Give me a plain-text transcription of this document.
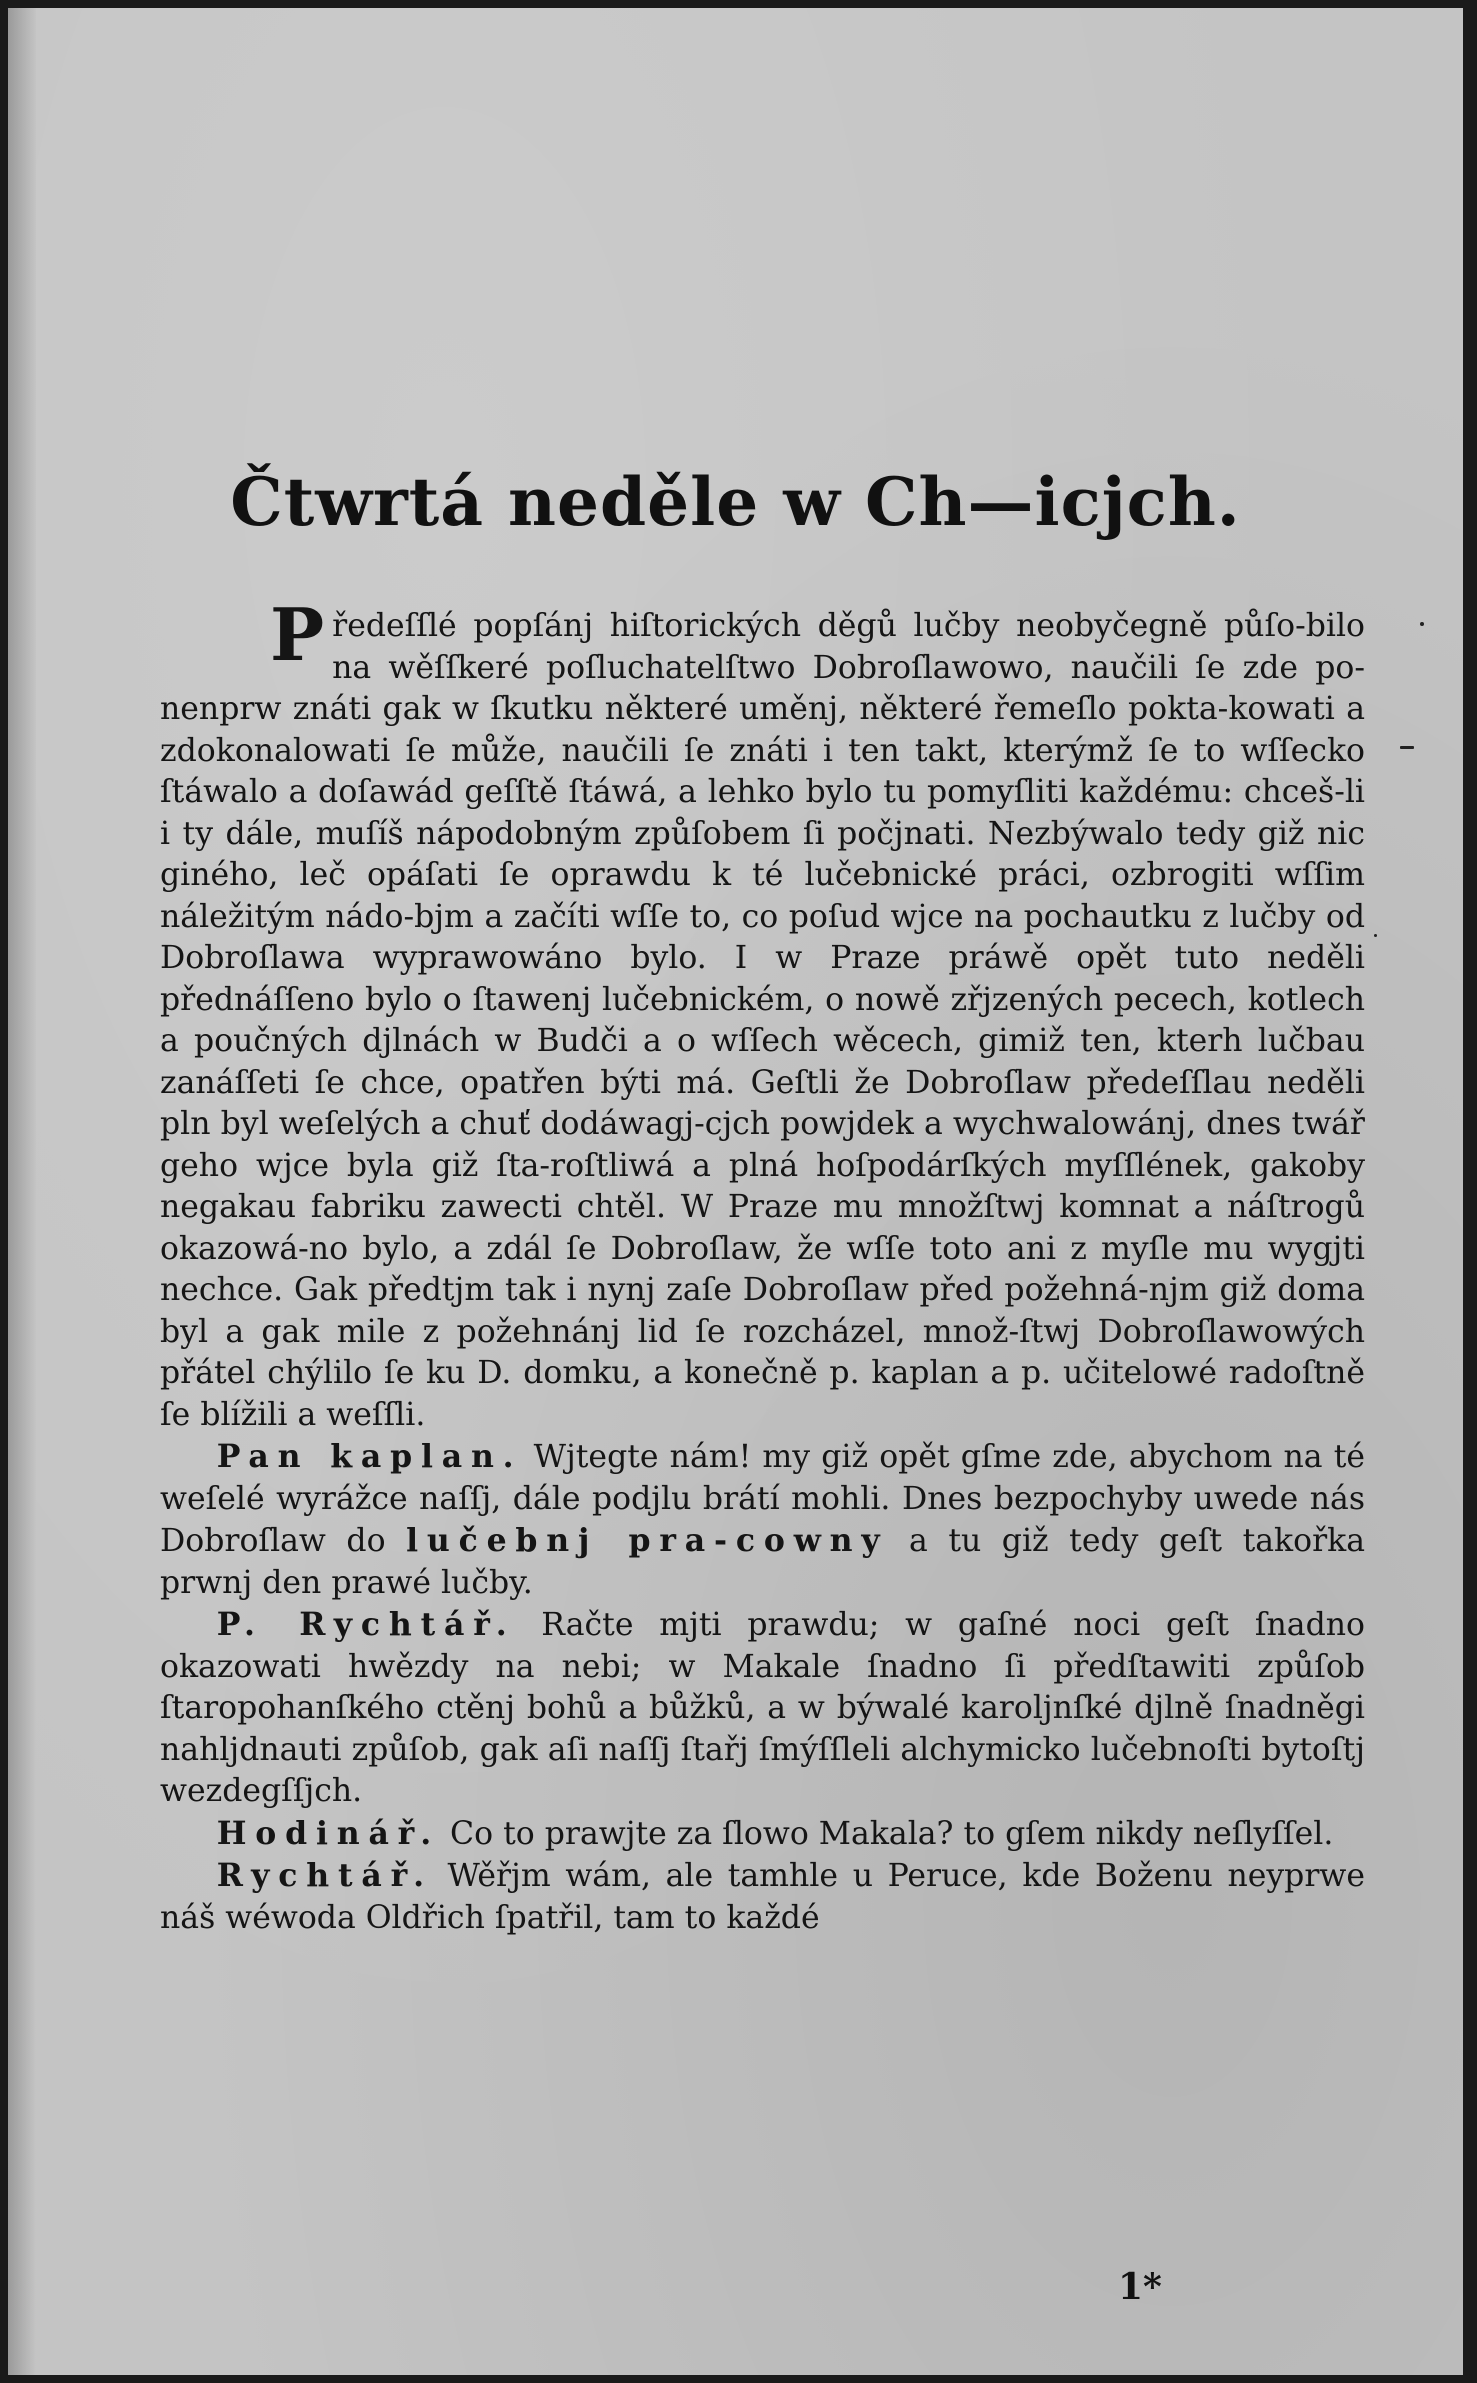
Čtwrtá neděle w Ch—icjch.

Předeſſlé popſánj hiſtorických děgů lučby neobyčegně půſo-bilo na wěſſkeré poſluchatelſtwo Dobroſlawowo, naučili ſe zde po-nenprw znáti gak w ſkutku některé uměnj, některé řemeſlo pokta-kowati a zdokonalowati ſe může, naučili ſe znáti i ten takt, kterýmž ſe to wſſecko ſtáwalo a doſawád geſſtě ſtáwá, a lehko bylo tu pomyſliti každému: chceš-li i ty dále, muſíš nápodobným způſobem ſi počjnati. Nezbýwalo tedy giž nic giného, leč opáſati ſe oprawdu k té lučebnické práci, ozbrogiti wſſim náležitým nádo-bjm a začíti wſſe to, co poſud wjce na pochautku z lučby od Dobroſlawa wyprawowáno bylo. I w Praze práwě opět tuto neděli přednáſſeno bylo o ſtawenj lučebnickém, o nowě zřjzených pecech, kotlech a poučných djlnách w Budči a o wſſech wěcech, gimiž ten, kterh lučbau zanáſſeti ſe chce, opatřen býti má. Geſtli že Dobroſlaw předeſſlau neděli pln byl weſelých a chuť dodáwagj-cjch powjdek a wychwalowánj, dnes twář geho wjce byla giž ſta-roſtliwá a plná hoſpodárſkých myſſlének, gakoby negakau fabriku zawecti chtěl. W Praze mu množſtwj komnat a náſtrogů okazowá-no bylo, a zdál ſe Dobroſlaw, že wſſe toto ani z myſle mu wygjti nechce. Gak předtjm tak i nynj zaſe Dobroſlaw před požehná-njm giž doma byl a gak mile z požehnánj lid ſe rozcházel, množ-ſtwj Dobroſlawowých přátel chýlilo ſe ku D. domku, a konečně p. kaplan a p. učitelowé radoſtně ſe blížili a weſſli.

Pan kaplan. Wjtegte nám! my giž opět gſme zde, abychom na té weſelé wyrážce naſſj, dále podjlu brátí mohli. Dnes bezpochyby uwede nás Dobroſlaw do lučebnj pra-cowny a tu giž tedy geſt takořka prwnj den prawé lučby.

P. Rychtář. Račte mjti prawdu; w gaſné noci geſt ſnadno okazowati hwězdy na nebi; w Makale ſnadno ſi předſtawiti způſob ſtaropohanſkého ctěnj bohů a bůžků, a w býwalé karoljnſké djlně ſnadněgi nahljdnauti způſob, gak aſi naſſj ſtařj ſmýſſleli alchymicko lučebnoſti bytoſtj wezdegſſjch.

Hodinář. Co to prawjte za ſlowo Makala? to gſem nikdy neſlyſſel.

Rychtář. Wěřjm wám, ale tamhle u Peruce, kde Boženu neyprwe náš wéwoda Oldřich ſpatřil, tam to každé

1*
